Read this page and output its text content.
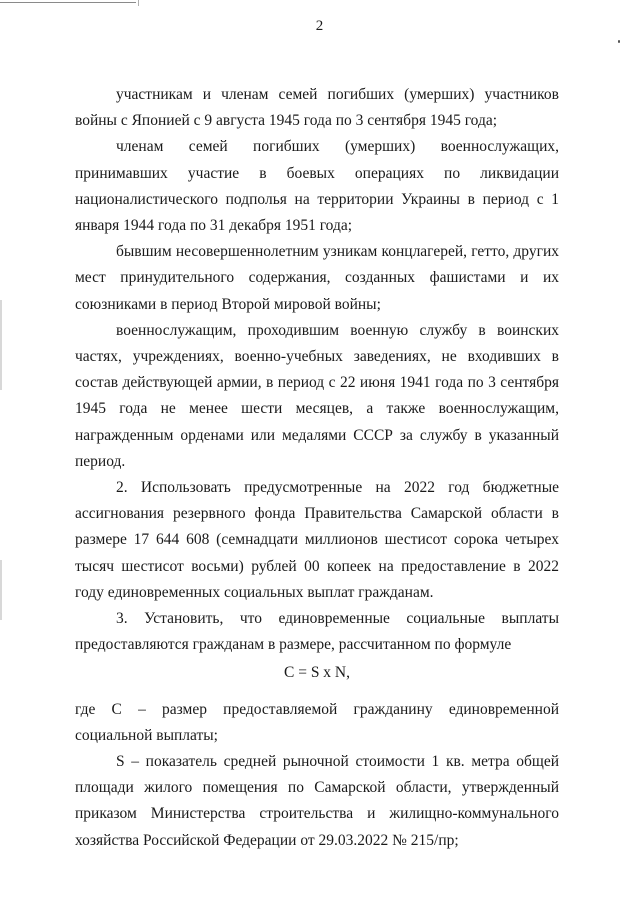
2

участникам и членам семей погибших (умерших) участников войны с Японией с 9 августа 1945 года по 3 сентября 1945 года;

членам семей погибших (умерших) военнослужащих, принимавших участие в боевых операциях по ликвидации националистического подполья на территории Украины в период с 1 января 1944 года по 31 декабря 1951 года;

бывшим несовершеннолетним узникам концлагерей, гетто, других мест принудительного содержания, созданных фашистами и их союзниками в период Второй мировой войны;

военнослужащим, проходившим военную службу в воинских частях, учреждениях, военно-учебных заведениях, не входивших в состав действующей армии, в период с 22 июня 1941 года по 3 сентября 1945 года не менее шести месяцев, а также военнослужащим, награжденным орденами или медалями СССР за службу в указанный период.

2. Использовать предусмотренные на 2022 год бюджетные ассигнования резервного фонда Правительства Самарской области в размере 17 644 608 (семнадцати миллионов шестисот сорока четырех тысяч шестисот восьми) рублей 00 копеек на предоставление в 2022 году единовременных социальных выплат гражданам.

3. Установить, что единовременные социальные выплаты предоставляются гражданам в размере, рассчитанном по формуле

C = S x N,

где C – размер предоставляемой гражданину единовременной социальной выплаты;

S – показатель средней рыночной стоимости 1 кв. метра общей площади жилого помещения по Самарской области, утвержденный приказом Министерства строительства и жилищно-коммунального хозяйства Российской Федерации от 29.03.2022 № 215/пр;
